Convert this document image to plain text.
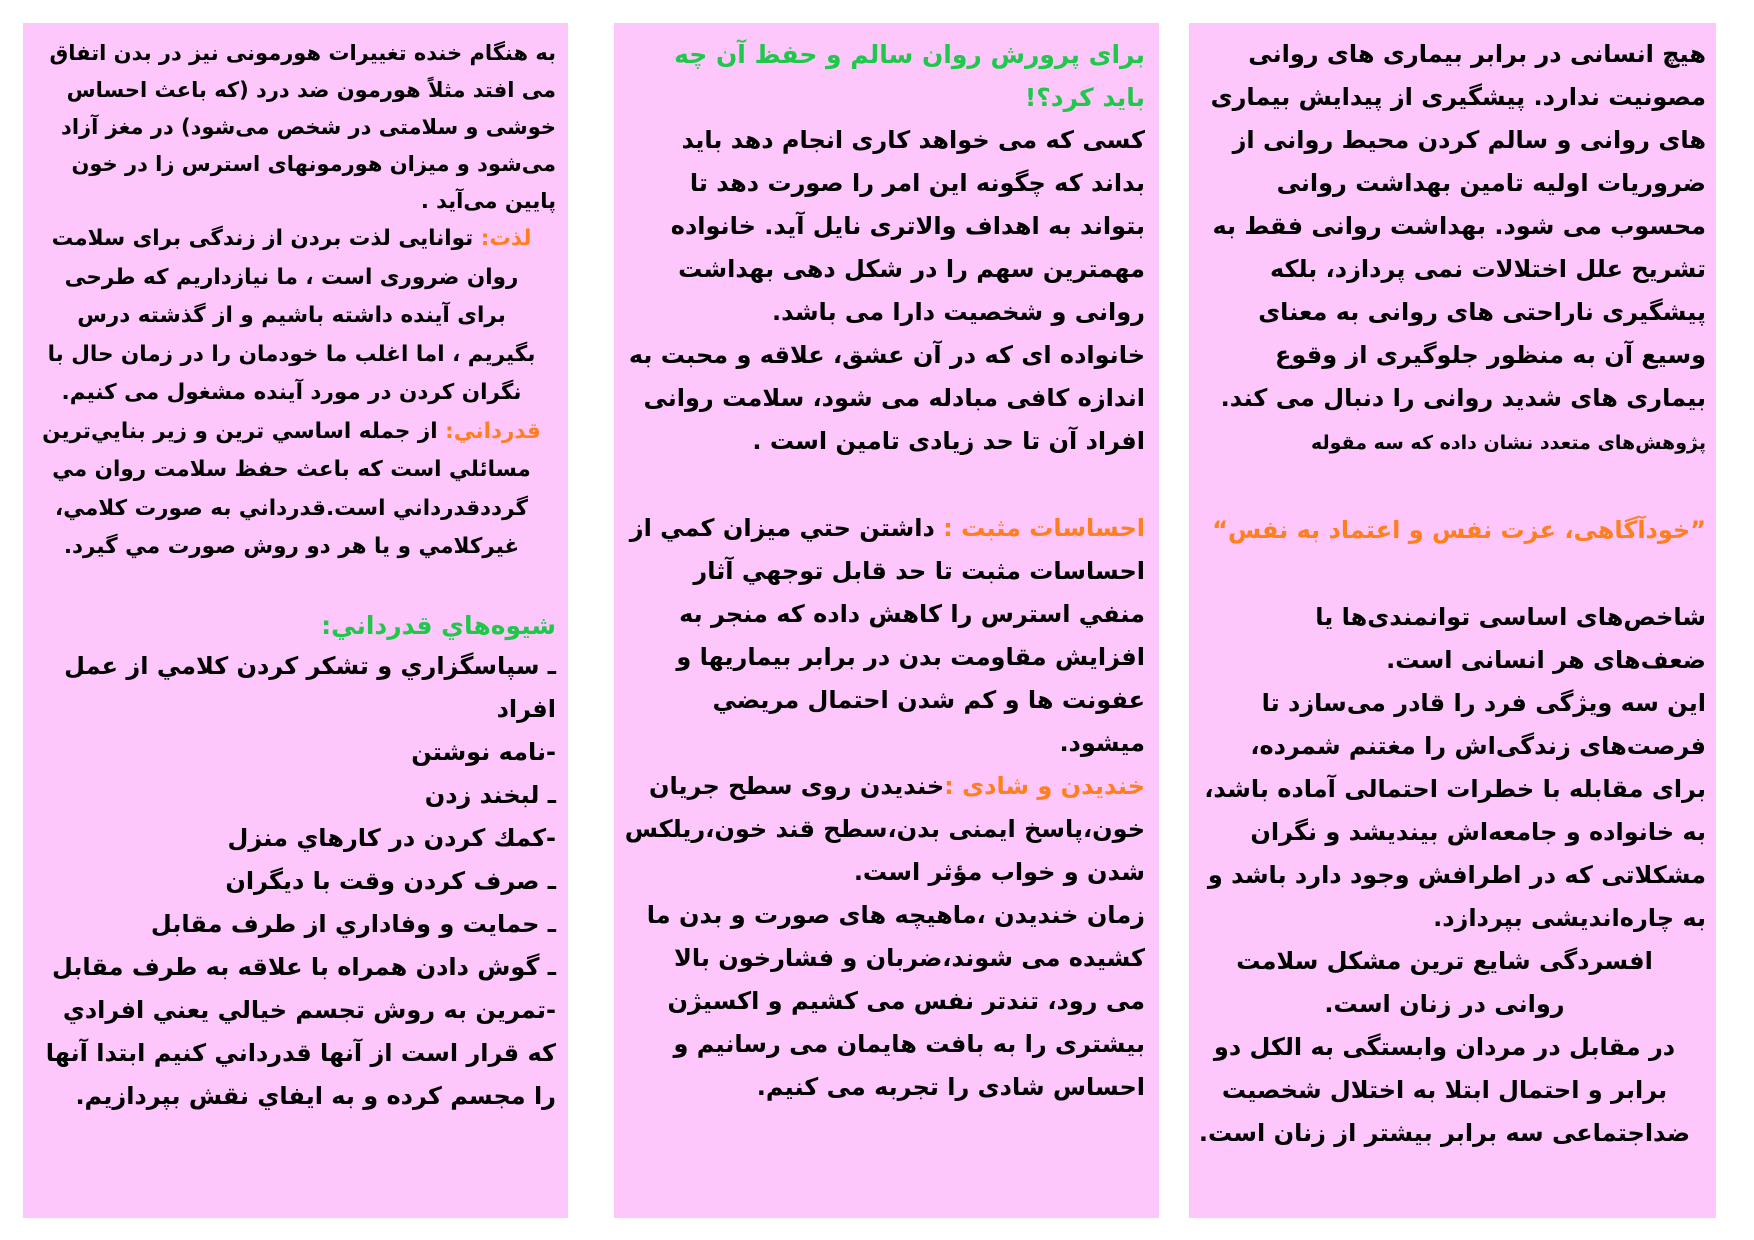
هیچ انسانی در برابر بیماری های روانی مصونیت ندارد. پیشگیری از پیدایش بیماری های روانی و سالم کردن محیط روانی از ضروریات اولیه تامین بهداشت روانی محسوب می شود. بهداشت روانی فقط به تشریح علل اختلالات نمی پردازد، بلکه پیشگیری ناراحتی های روانی به معنای وسیع آن به منظور جلوگیری از وقوع بیماری های شدید روانی را دنبال می کند. پژوهش‌های متعدد نشان داده که سه مقوله

”خودآگاهی، عزت نفس و اعتماد به نفس“

شاخص‌های اساسی توانمندی‌ها یا ضعف‌های هر انسانی است.

این سه ویژگی فرد را قادر می‌سازد تا فرصت‌های زندگی‌اش را مغتنم شمرده، برای مقابله با خطرات احتمالی آماده باشد، به خانواده و جامعه‌اش بیندیشد و نگران مشکلاتی که در اطرافش وجود دارد باشد و به چاره‌اندیشی بپردازد.

افسردگی شایع ترین مشکل سلامت روانی در زنان است.

در مقابل در مردان وابستگی به الکل دو برابر و احتمال ابتلا به اختلال شخصیت ضداجتماعی سه برابر بیشتر از زنان است.

برای پرورش روان سالم و حفظ آن چه باید کرد؟!

کسی که می خواهد کاری انجام دهد باید بداند که چگونه این امر را صورت دهد تا بتواند به اهداف والاتری نایل آید. خانواده مهمترین سهم را در شکل دهی بهداشت روانی و شخصیت دارا می باشد.

خانواده ای که در آن عشق، علاقه و محبت به اندازه کافی مبادله می شود، سلامت روانی افراد آن تا حد زیادی تامین است .

احساسات مثبت : داشتن حتي ميزان كمي از احساسات مثبت تا حد قابل توجهي آثار منفي استرس را كاهش داده كه منجر به افزايش مقاومت بدن در برابر بيماريها و عفونت ها و كم شدن احتمال مريضي ميشود.

خندیدن و شادی :خندیدن روی سطح جریان خون،پاسخ ایمنی بدن،سطح قند خون،ریلکس شدن و خواب مؤثر است.

زمان خندیدن ،ماهیچه های صورت و بدن ما کشیده می شوند،ضربان و فشارخون بالا

می رود، تندتر نفس می کشیم و اکسیژن بیشتری را به بافت هایمان می رسانیم و احساس شادی را تجربه می کنیم.

به هنگام خنده تغییرات هورمونی نیز در بدن اتفاق

می افتد مثلاً هورمون ضد درد (که باعث احساس خوشی و سلامتی در شخص می‌شود) در مغز آزاد می‌شود و میزان هورمونهای استرس زا در خون پایین می‌آید .

لذت: توانایی لذت بردن از زندگی برای سلامت روان ضروری است ، ما نیازداریم که طرحی برای آینده داشته باشیم و از گذشته درس بگیریم ، اما اغلب ما خودمان را در زمان حال با نگران کردن در مورد آینده مشغول می کنیم.

قدرداني: از جمله اساسي ترين و زير بنايي‌ترين مسائلي است كه باعث حفظ سلامت روان مي گرددقدرداني است.قدرداني به صورت كلامي، غيركلامي و يا هر دو روش صورت مي گيرد.

شيوه‌هاي قدرداني:

ـ سپاسگزاري و تشكر كردن كلامي از عمل افراد

-نامه نوشتن

ـ لبخند زدن

-كمك كردن در كارهاي منزل

ـ صرف كردن وقت با ديگران

ـ حمايت و وفاداري از طرف مقابل

ـ گوش دادن همراه با علاقه به طرف مقابل

-تمرين به روش تجسم خيالي يعني افرادي كه قرار است از آنها قدرداني كنيم ابتدا آنها را مجسم كرده و به ايفاي نقش بپردازيم.
